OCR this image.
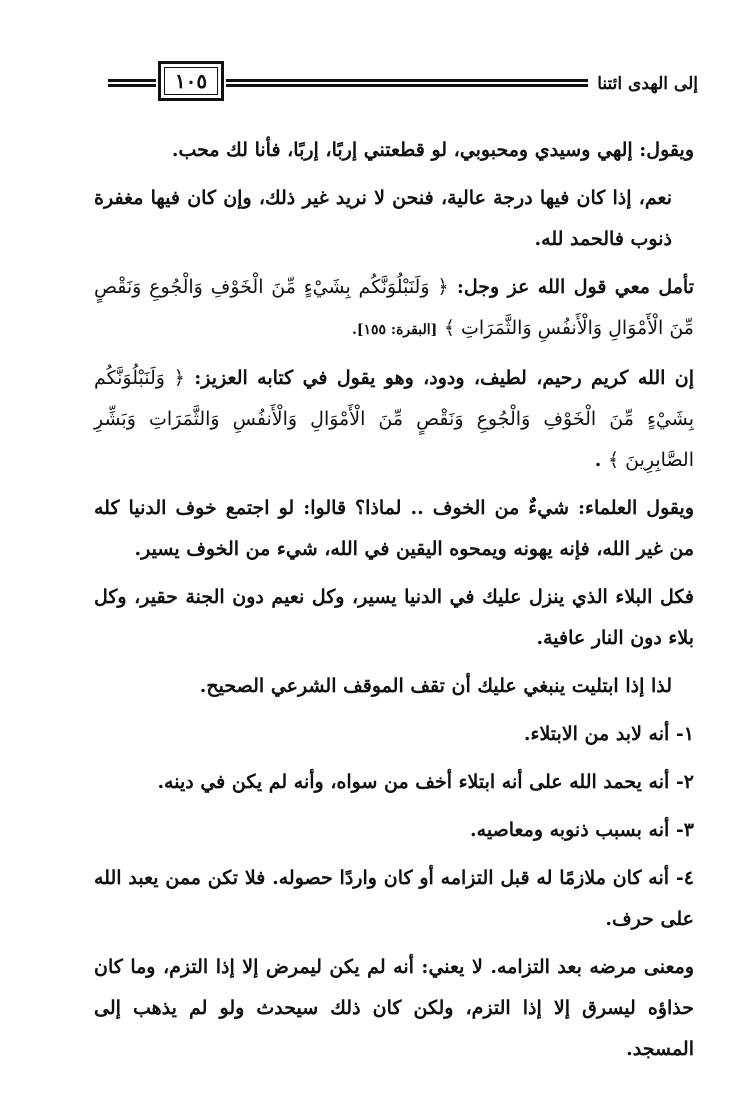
١٠٥	إلى الهدى ائتنا

ويقول: إلهي وسيدي ومحبوبي، لو قطعتني إربًا، إربًا، فأنا لك محب.

نعم، إذا كان فيها درجة عالية، فنحن لا نريد غير ذلك، وإن كان فيها مغفرة ذنوب فالحمد لله.

تأمل معي قول الله عز وجل: ﴿ وَلَنَبْلُوَنَّكُم بِشَيْءٍ مِّنَ الْخَوْفِ وَالْجُوعِ وَنَقْصٍ مِّنَ الْأَمْوَالِ وَالْأَنفُسِ وَالثَّمَرَاتِ ﴾ [البقرة: ١٥٥].

إن الله كريم رحيم، لطيف، ودود، وهو يقول في كتابه العزيز: ﴿ وَلَنَبْلُوَنَّكُم بِشَيْءٍ مِّنَ الْخَوْفِ وَالْجُوعِ وَنَقْصٍ مِّنَ الْأَمْوَالِ وَالْأَنفُسِ وَالثَّمَرَاتِ وَبَشِّرِ الصَّابِرِينَ ﴾ .

ويقول العلماء: شيءٌ من الخوف .. لماذا؟ قالوا: لو اجتمع خوف الدنيا كله من غير الله، فإنه يهونه ويمحوه اليقين في الله، شيء من الخوف يسير.

فكل البلاء الذي ينزل عليك في الدنيا يسير، وكل نعيم دون الجنة حقير، وكل بلاء دون النار عافية.

لذا إذا ابتليت ينبغي عليك أن تقف الموقف الشرعي الصحيح.

١- أنه لابد من الابتلاء.

٢- أنه يحمد الله على أنه ابتلاء أخف من سواه، وأنه لم يكن في دينه.

٣- أنه بسبب ذنوبه ومعاصيه.

٤- أنه كان ملازمًا له قبل التزامه أو كان واردًا حصوله. فلا تكن ممن يعبد الله على حرف.

ومعنى مرضه بعد التزامه. لا يعني: أنه لم يكن ليمرض إلا إذا التزم، وما كان حذاؤه ليسرق إلا إذا التزم، ولكن كان ذلك سيحدث ولو لم يذهب إلى المسجد.
